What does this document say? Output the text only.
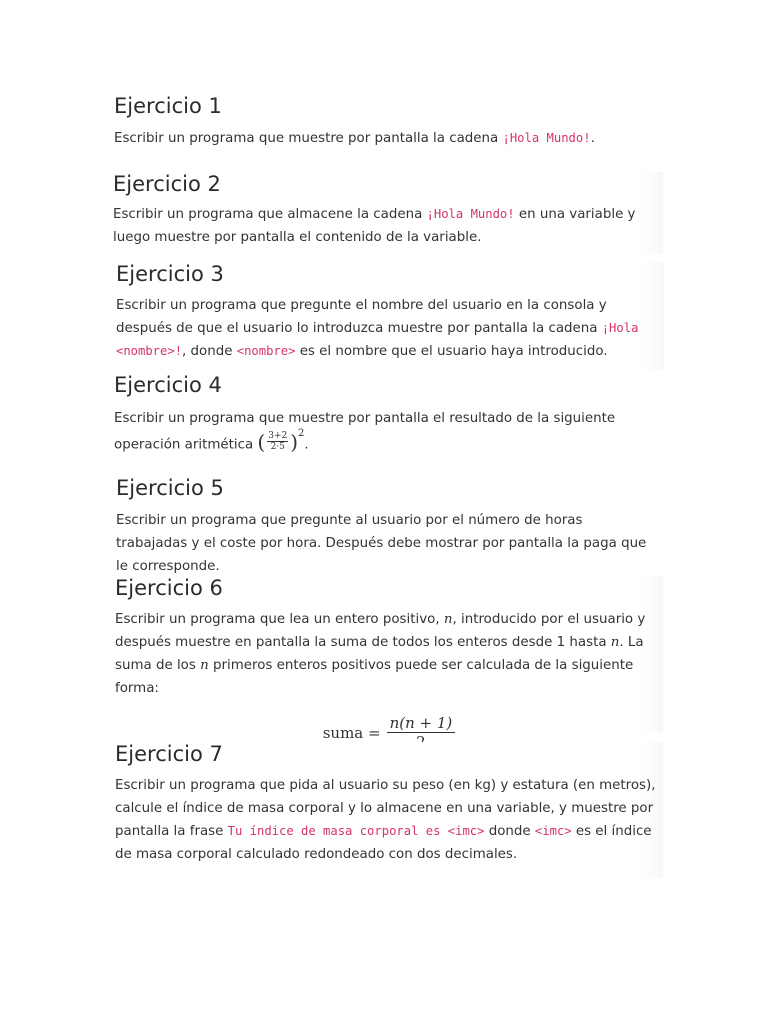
Ejercicio 1

Escribir un programa que muestre por pantalla la cadena ¡Hola Mundo!.

Ejercicio 2

Escribir un programa que almacene la cadena ¡Hola Mundo! en una variable y luego muestre por pantalla el contenido de la variable.

Ejercicio 3

Escribir un programa que pregunte el nombre del usuario en la consola y después de que el usuario lo introduzca muestre por pantalla la cadena ¡Hola <nombre>!, donde <nombre> es el nombre que el usuario haya introducido.

Ejercicio 4

Escribir un programa que muestre por pantalla el resultado de la siguiente operación aritmética ( $\frac{3+2}{2\cdot 5} )^2$
.

Ejercicio 5

Escribir un programa que pregunte al usuario por el número de horas trabajadas y el coste por hora. Después debe mostrar por pantalla la paga que le corresponde.

Ejercicio 6

Escribir un programa que lea un entero positivo, n, introducido por el usuario y después muestre en pantalla la suma de todos los enteros desde 1 hasta n. La suma de los n primeros enteros positivos puede ser calculada de la siguiente forma:

suma =
n(n + 1)
Ejercicio 7

Escribir un programa que pida al usuario su peso (en kg) y estatura (en metros), calcule el índice de masa corporal y lo almacene en una variable, y muestre por pantalla la frase Tu índice de masa corporal es <imc> donde <imc> es el índice de masa corporal calculado redondeado con dos decimales.
